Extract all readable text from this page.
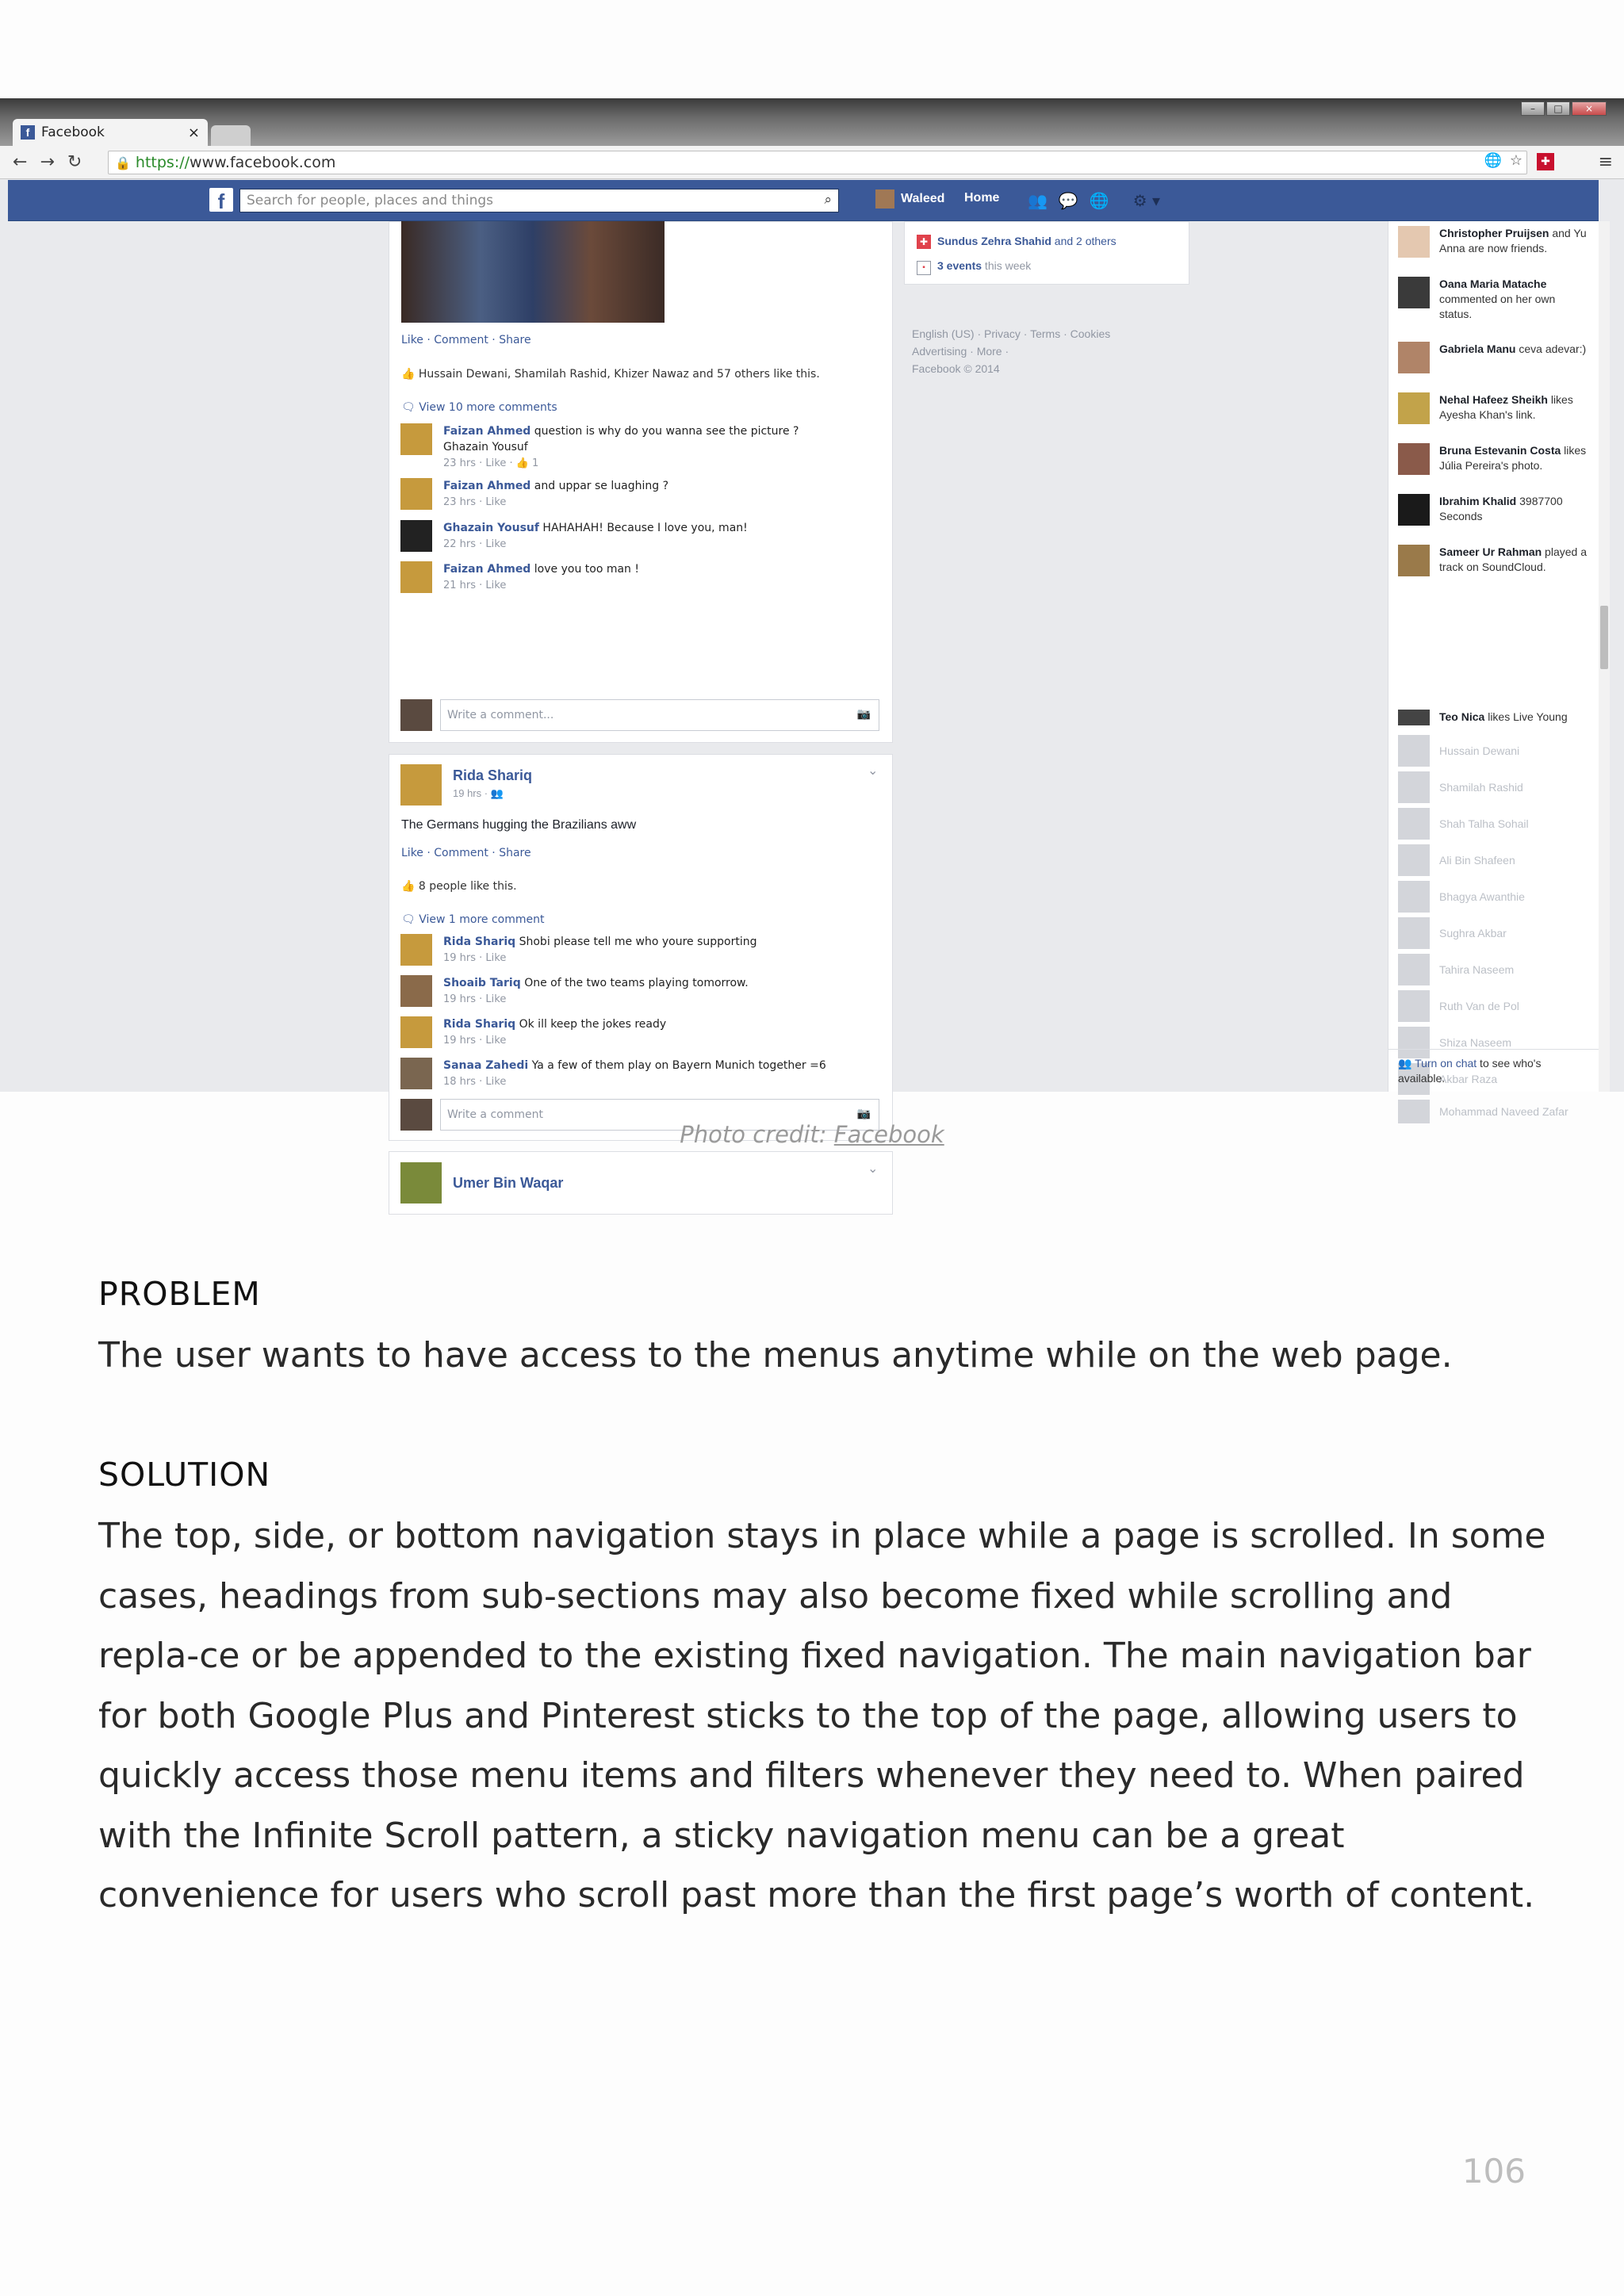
f Facebook	×
–	□	×
← → ↻	🔒 https:// www.facebook.com	🌐 ☆	✚	≡
f	Search for people, places and things	⌕	Waleed Home 👥 💬 🌐 ⚙ ▾
Like · Comment · Share
👍 Hussain Dewani, Shamilah Rashid, Khizer Nawaz and 57 others like this.
🗨 View 10 more comments
Faizan Ahmed question is why do you wanna see the picture ? Ghazain Yousuf
23 hrs · Like · 👍 1
Faizan Ahmed and uppar se luaghing ?
23 hrs · Like
Ghazain Yousuf HAHAHAH! Because I love you, man!
22 hrs · Like
Faizan Ahmed love you too man !
21 hrs · Like
Write a comment...	📷
Rida Shariq
19 hrs · 👥
⌄
The Germans hugging the Brazilians aww
Like · Comment · Share
👍 8 people like this.
🗨 View 1 more comment
Rida Shariq Shobi please tell me who youre supporting
19 hrs · Like
Shoaib Tariq One of the two teams playing tomorrow.
19 hrs · Like
Rida Shariq Ok ill keep the jokes ready
19 hrs · Like
Sanaa Zahedi Ya a few of them play on Bayern Munich together =6
18 hrs · Like
Write a comment	📷
Umer Bin Waqar
⌄
✚ Sundus Zehra Shahid and 2 others
▪ 3 events this week
English (US) · Privacy · Terms · Cookies
Advertising · More ·
Facebook © 2014
Christopher Pruijsen and Yu Anna are now friends.
Oana Maria Matache commented on her own status.
Gabriela Manu ceva adevar:)
Nehal Hafeez Sheikh likes Ayesha Khan's link.
Bruna Estevanin Costa likes Júlia Pereira's photo.
Ibrahim Khalid 3987700 Seconds
Sameer Ur Rahman played a track on SoundCloud.
Teo Nica likes Live Young
Hussain Dewani
Shamilah Rashid
Shah Talha Sohail
Ali Bin Shafeen
Bhagya Awanthie
Sughra Akbar
Tahira Naseem
Ruth Van de Pol
Shiza Naseem
Akbar Raza
Mohammad Naveed Zafar
👥 Turn on chat to see who's available.
Photo credit: Facebook
PROBLEM
The user wants to have access to the menus anytime while on the web page.
SOLUTION
The top, side, or bottom navigation stays in place while a page is scrolled. In some cases, headings from sub-sections may also become fixed while scrolling and repla-ce or be appended to the existing fixed navigation. The main navigation bar for both Google Plus and Pinterest sticks to the top of the page, allowing users to quickly access those menu items and filters whenever they need to. When paired with the Infinite Scroll pattern, a sticky navigation menu can be a great convenience for users who scroll past more than the first page’s worth of content.
106
